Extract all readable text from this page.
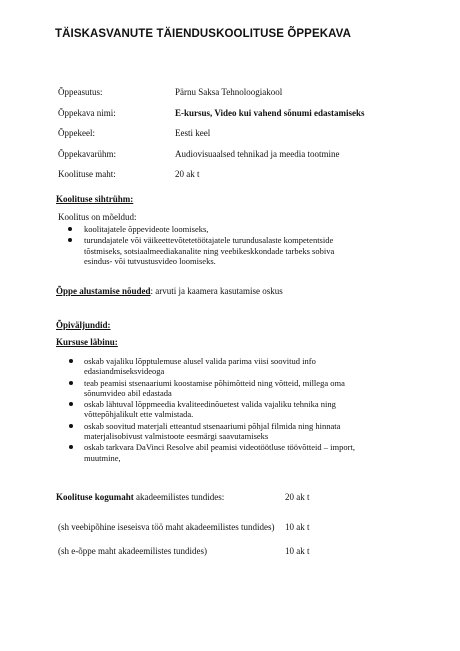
TÄISKASVANUTE TÄIENDUSKOOLITUSE ÕPPEKAVA
Õppeasutus:	Pärnu Saksa Tehnoloogiakool
Õppekava nimi:	E-kursus, Video kui vahend sõnumi edastamiseks
Õppekeel:	Eesti keel
Õppekavarühm:	Audiovisuaalsed tehnikad ja meedia tootmine
Koolituse maht:	20 ak t
Koolituse sihtrühm:
Koolitus on mõeldud:
koolitajatele õppevideote loomiseks,
turundajatele või väikeettevõtetetöötajatele turundusalaste kompetentside tõstmiseks, sotsiaalmeediakanalite ning veebikeskkondade tarbeks sobiva esindus- või tutvustusvideo loomiseks.
Õppe alustamise nõuded: arvuti ja kaamera kasutamise oskus
Õpiväljundid:
Kursuse läbinu:
oskab vajaliku lõpptulemuse alusel valida parima viisi soovitud info edasiandmiseksvideoga
teab peamisi stsenaariumi koostamise põhimõtteid ning võtteid, millega oma sõnumvideo abil edastada
oskab lähtuval lõppmeedia kvaliteedinõuetest valida vajaliku tehnika ning võttepõhjalikult ette valmistada.
oskab soovitud materjali etteantud stsenaariumi põhjal filmida ning hinnata materjalisobivust valmistoote eesmärgi saavutamiseks
oskab tarkvara DaVinci Resolve abil peamisi videotöötluse töövõtteid – import, muutmine,
Koolituse kogumaht akadeemilistes tundides:	20 ak t
(sh veebipõhine iseseisva töö maht akadeemilistes tundides) 10 ak t
(sh e-õppe maht akadeemilistes tundides)	10 ak t
